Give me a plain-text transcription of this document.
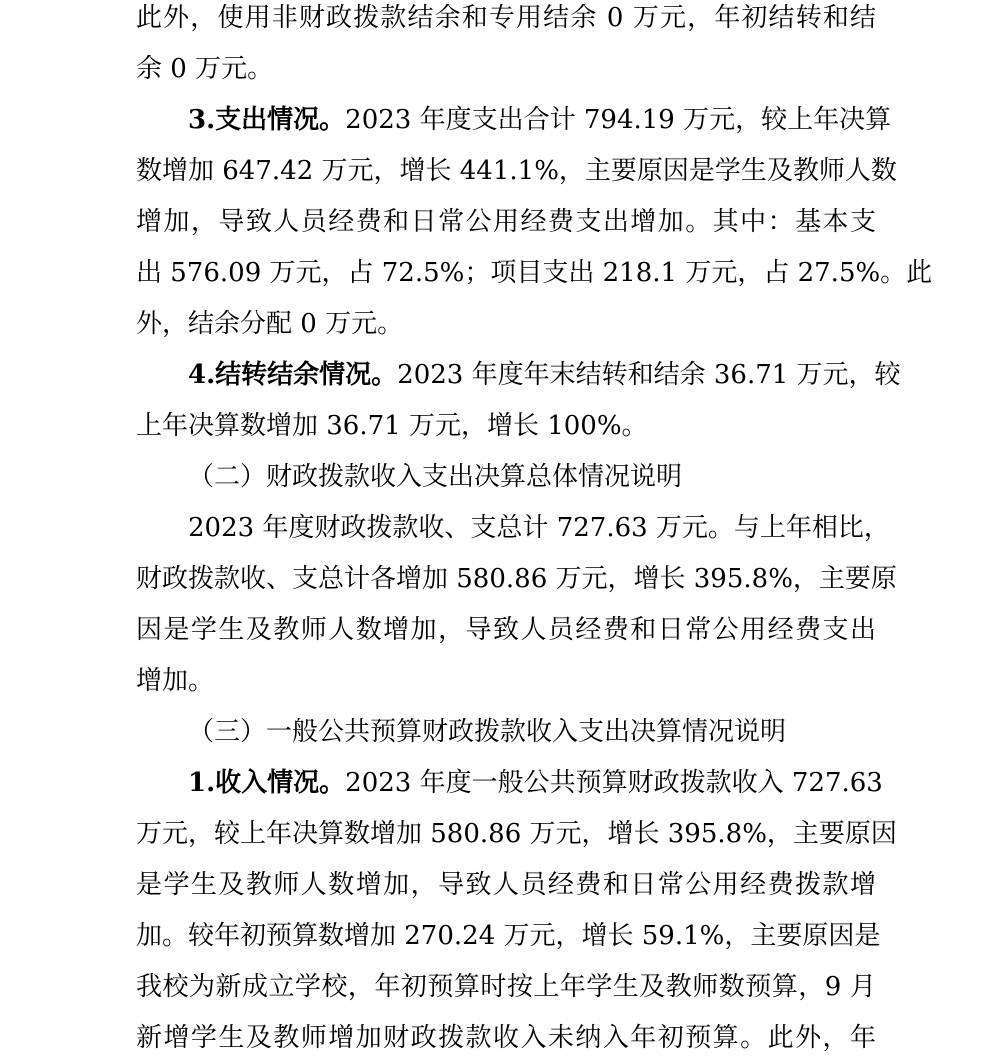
此外，使用非财政拨款结余和专用结余 0 万元，年初结转和结
余 0 万元。
3.支出情况。2023 年度支出合计 794.19 万元，较上年决算
数增加 647.42 万元，增长 441.1%，主要原因是学生及教师人数
增加，导致人员经费和日常公用经费支出增加。其中：基本支
出 576.09 万元，占 72.5%；项目支出 218.1 万元，占 27.5%。此
外，结余分配 0 万元。
4.结转结余情况。2023 年度年末结转和结余 36.71 万元，较
上年决算数增加 36.71 万元，增长 100%。
（二）财政拨款收入支出决算总体情况说明
2023 年度财政拨款收、支总计 727.63 万元。与上年相比，
财政拨款收、支总计各增加 580.86 万元，增长 395.8%，主要原
因是学生及教师人数增加，导致人员经费和日常公用经费支出
增加。
（三）一般公共预算财政拨款收入支出决算情况说明
1.收入情况。2023 年度一般公共预算财政拨款收入 727.63
万元，较上年决算数增加 580.86 万元，增长 395.8%，主要原因
是学生及教师人数增加，导致人员经费和日常公用经费拨款增
加。较年初预算数增加 270.24 万元，增长 59.1%，主要原因是
我校为新成立学校，年初预算时按上年学生及教师数预算，9 月
新增学生及教师增加财政拨款收入未纳入年初预算。此外，年
